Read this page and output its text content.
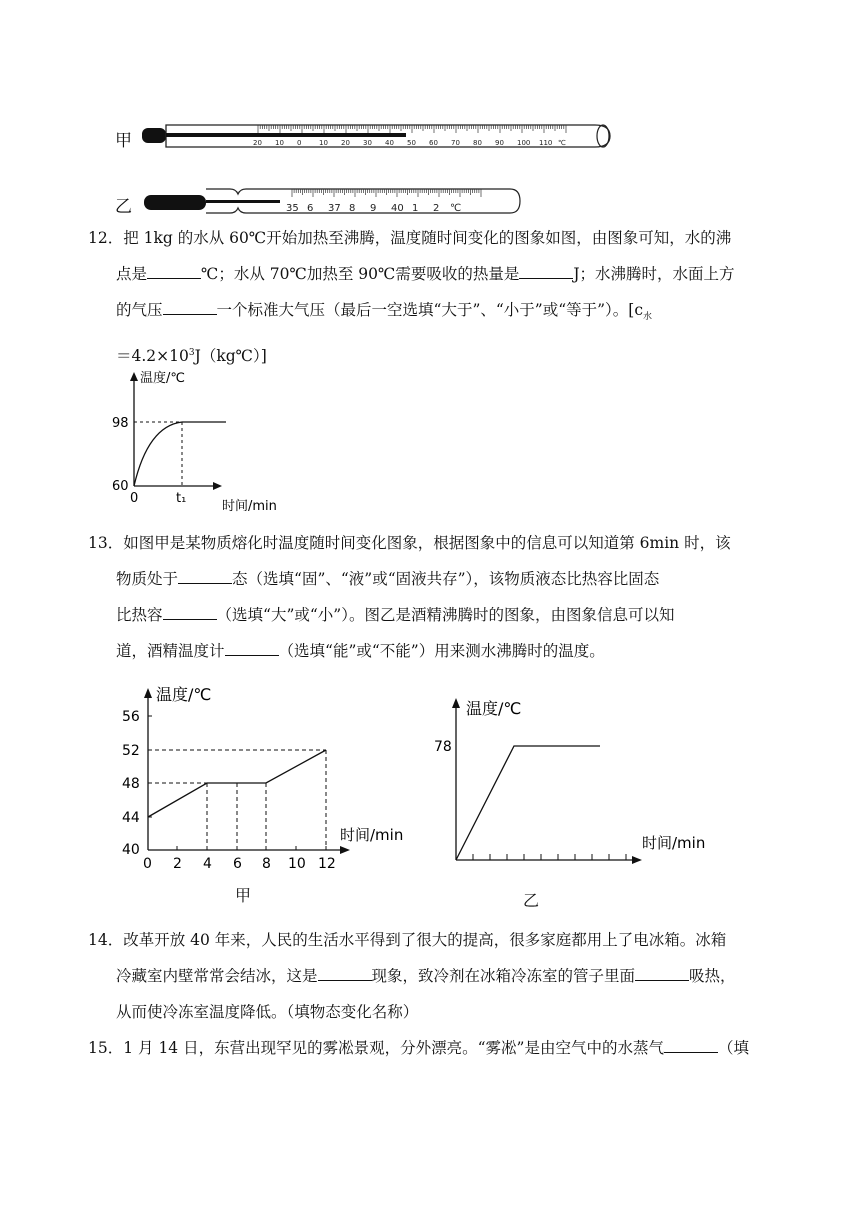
甲	20 10 0	10 20 30 40 50 60 70 80 90 100 110 ℃
乙	35 6 37 8 9 40 1 2 ℃

12．把 1kg 的水从 60℃开始加热至沸腾，温度随时间变化的图象如图，由图象可知，水的沸

点是	℃；水从 70℃加热至 90℃需要吸收的热量是	J；水沸腾时，水面上方

的气压	一个标准大气压（最后一空选填“大于”、“小于”或“等于”）。[$c_水$

$=4.2\times 10^3J(kg℃)$]

温度/℃
98
60
0	t₁
时间/min

13．如图甲是某物质熔化时温度随时间变化图象，根据图象中的信息可以知道第 6min 时，该

物质处于	态（选填“固”、“液”或“固液共存”），该物质液态比热容比固态

比热容	（选填“大”或“小”）。图乙是酒精沸腾时的图象，由图象信息可以知

道，酒精温度计	（选填“能”或“不能”）用来测水沸腾时的温度。

温度/℃
56
52
48
44
40
0 2 4 6 8 10 12
时间/min
甲
温度/℃
78
时间/min
乙

14．改革开放 40 年来，人民的生活水平得到了很大的提高，很多家庭都用上了电冰箱。冰箱

冷藏室内壁常常会结冰，这是	现象，致冷剂在冰箱冷冻室的管子里面	吸热，

从而使冷冻室温度降低。（填物态变化名称）

15．1 月 14 日，东营出现罕见的雾凇景观，分外漂亮。“雾凇”是由空气中的水蒸气	（填
